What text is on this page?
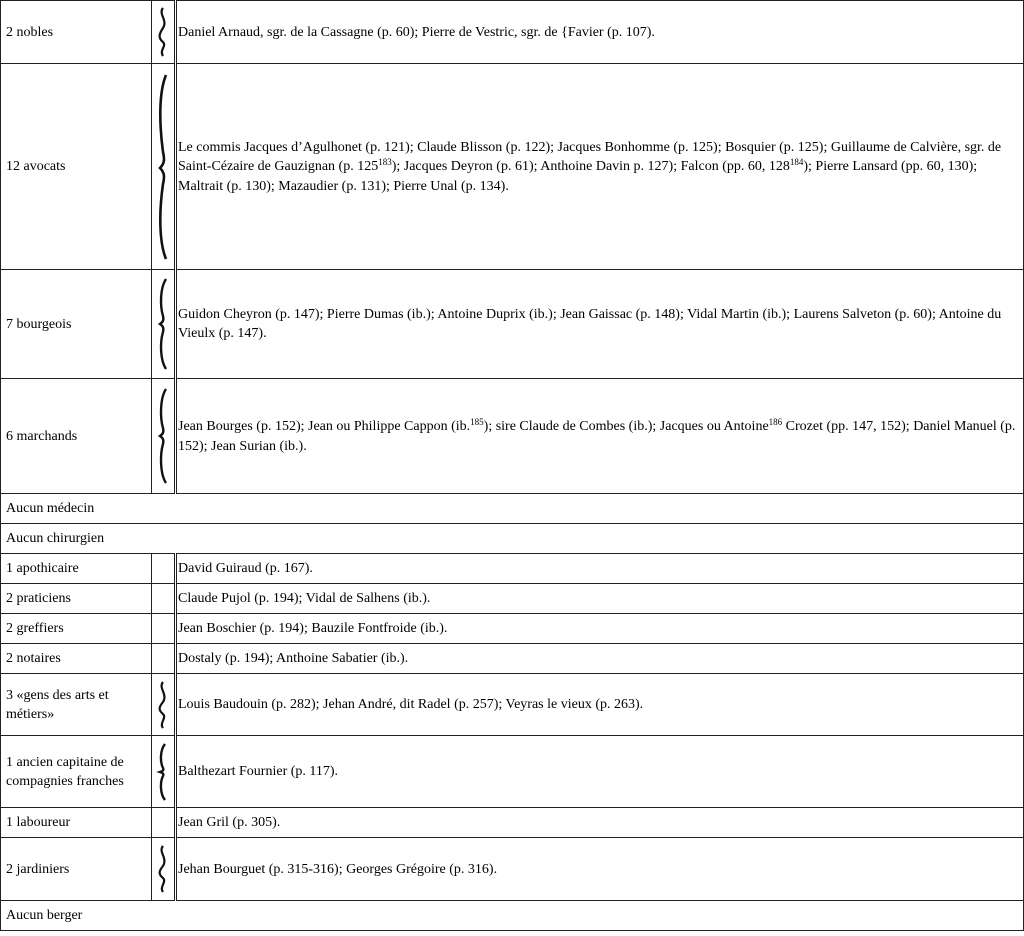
2 nobles		Daniel Arnaud, sgr. de la Cassagne (p. 60); Pierre de Vestric, sgr. de {Favier (p. 107).
12 avocats		Le commis Jacques d’Agulhonet (p. 121); Claude Blisson (p. 122); Jacques Bonhomme (p. 125); Bosquier (p. 125); Guillaume de Calvière, sgr. de Saint-Cézaire de Gauzignan (p. $125^{183}$); Jacques Deyron (p. 61); Anthoine Davin p. 127); Falcon (pp. 60, $128^{184}$); Pierre Lansard (pp. 60, 130); Maltrait (p. 130); Mazaudier (p. 131); Pierre Unal (p. 134).
7 bourgeois		Guidon Cheyron (p. 147); Pierre Dumas (ib.); Antoine Duprix (ib.); Jean Gaissac (p. 148); Vidal Martin (ib.); Laurens Salveton (p. 60); Antoine du Vieulx (p. 147).
6 marchands		Jean Bourges (p. 152); Jean ou Philippe Cappon (ib.$^{185}$); sire Claude de Combes (ib.); Jacques ou Antoine$^{186}$ Crozet (pp. 147, 152); Daniel Manuel (p. 152); Jean Surian (ib.).
Aucun médecin		
Aucun chirurgien		
1 apothicaire		David Guiraud (p. 167).
2 praticiens		Claude Pujol (p. 194); Vidal de Salhens (ib.).
2 greffiers		Jean Boschier (p. 194); Bauzile Fontfroide (ib.).
2 notaires		Dostaly (p. 194); Anthoine Sabatier (ib.).
3 «gens des arts et métiers»		Louis Baudouin (p. 282); Jehan André, dit Radel (p. 257); Veyras le vieux (p. 263).
1 ancien capitaine de compagnies franches		Balthezart Fournier (p. 117).
1 laboureur		Jean Gril (p. 305).
2 jardiniers		Jehan Bourguet (p. 315-316); Georges Grégoire (p. 316).
Aucun berger		
